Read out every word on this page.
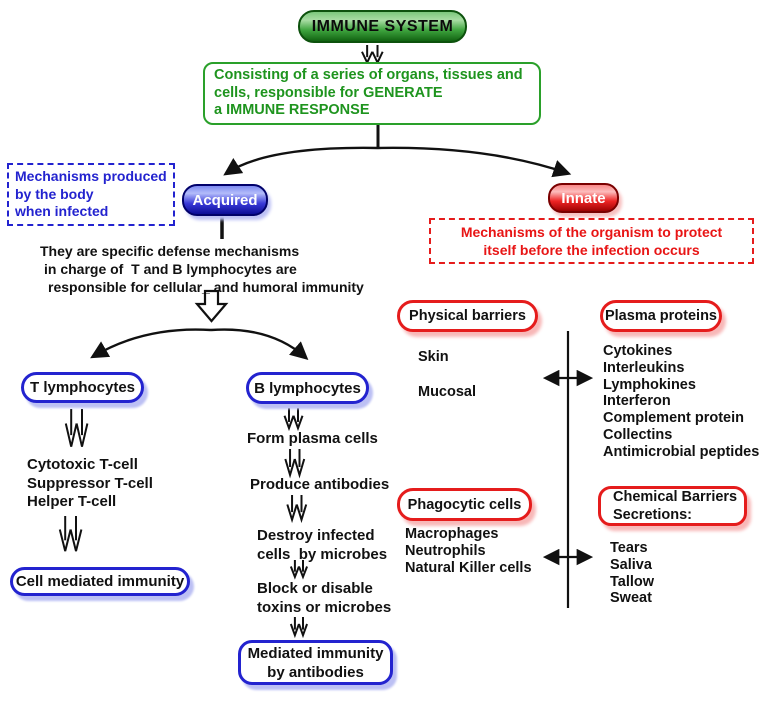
IMMUNE SYSTEM
Consisting of a series of organs, tissues and
cells, responsible for GENERATE
a IMMUNE RESPONSE
Mechanisms produced
by the body
when infected
Acquired	Innate
Mechanisms of the organism to protect
itself before the infection occurs
They are specific defense mechanisms
in charge of  T and B lymphocytes are
responsible for cellular_ and humoral immunity
T lymphocytes	B lymphocytes
Cytotoxic T-cell
Suppressor T-cell
Helper T-cell
Cell mediated immunity
Form plasma cells
Produce antibodies
Destroy infected
cells  by microbes
Block or disable
toxins or microbes
Mediated immunity
by antibodies
Physical barriers
Skin
Mucosal
Plasma proteins
Cytokines
Interleukins
Lymphokines
Interferon
Complement protein
Collectins
Antimicrobial peptides
Phagocytic cells
Macrophages
Neutrophils
Natural Killer cells
Chemical Barriers
Secretions:
Tears
Saliva
Tallow
Sweat
